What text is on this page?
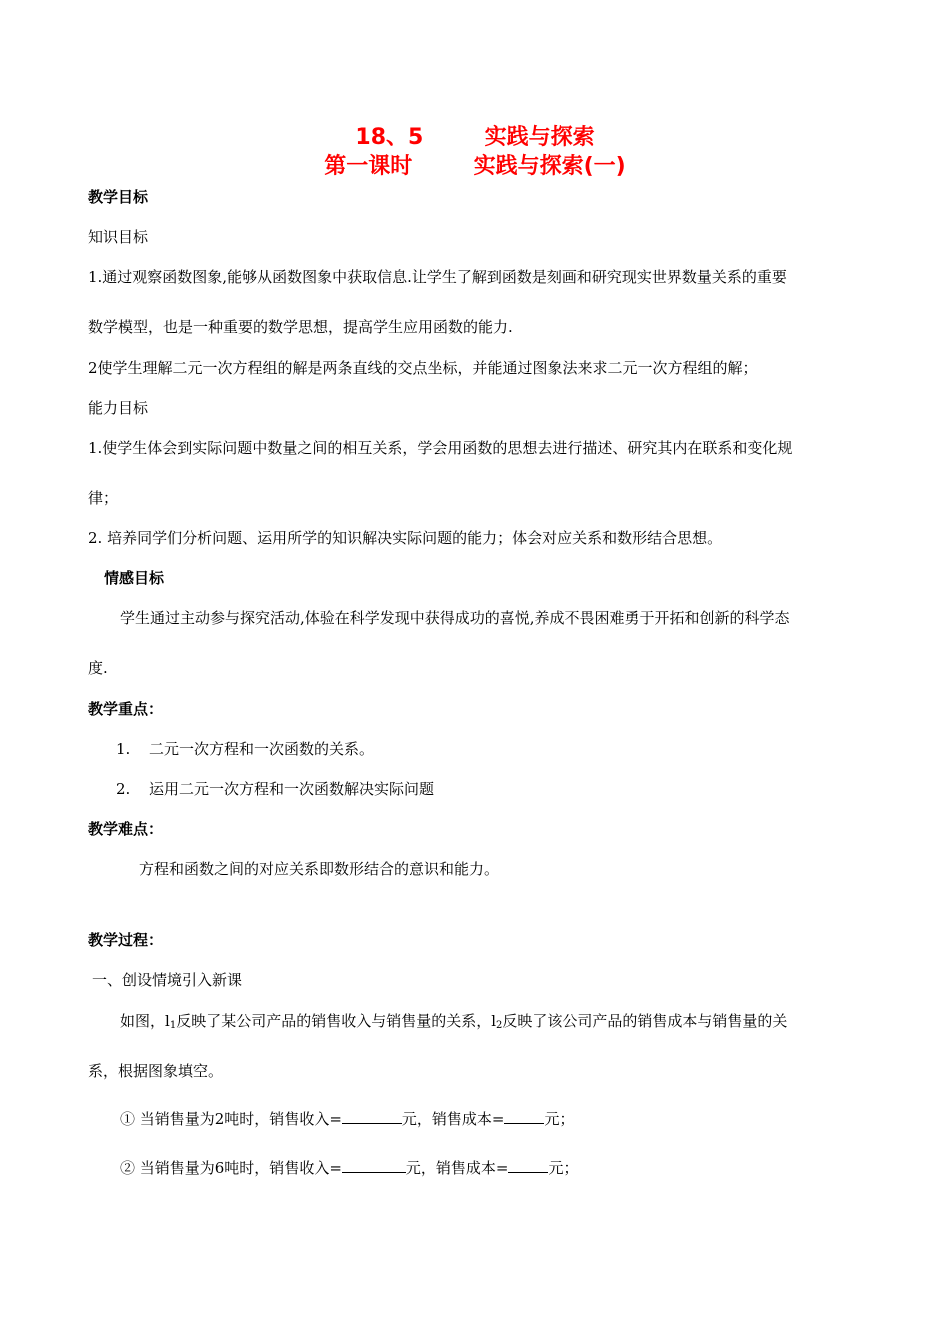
18、5        实践与探索
第一课时        实践与探索(一)
教学目标
知识目标
1.通过观察函数图象,能够从函数图象中获取信息.让学生了解到函数是刻画和研究现实世界数量关系的重要
数学模型，也是一种重要的数学思想，提高学生应用函数的能力.
2使学生理解二元一次方程组的解是两条直线的交点坐标，并能通过图象法来求二元一次方程组的解；
能力目标
1.使学生体会到实际问题中数量之间的相互关系，学会用函数的思想去进行描述、研究其内在联系和变化规
律；
2. 培养同学们分析问题、运用所学的知识解决实际问题的能力；体会对应关系和数形结合思想。
情感目标
学生通过主动参与探究活动,体验在科学发现中获得成功的喜悦,养成不畏困难勇于开拓和创新的科学态
度.
教学重点：
1. 二元一次方程和一次函数的关系。
2. 运用二元一次方程和一次函数解决实际问题
教学难点：
方程和函数之间的对应关系即数形结合的意识和能力。
教学过程：
一、创设情境引入新课
如图，$l_1$反映了某公司产品的销售收入与销售量的关系，$l_2$反映了该公司产品的销售成本与销售量的关
系，根据图象填空。
① 当销售量为2吨时，销售收入=	元，销售成本=	元；
② 当销售量为6吨时，销售收入=	元，销售成本=	元；
